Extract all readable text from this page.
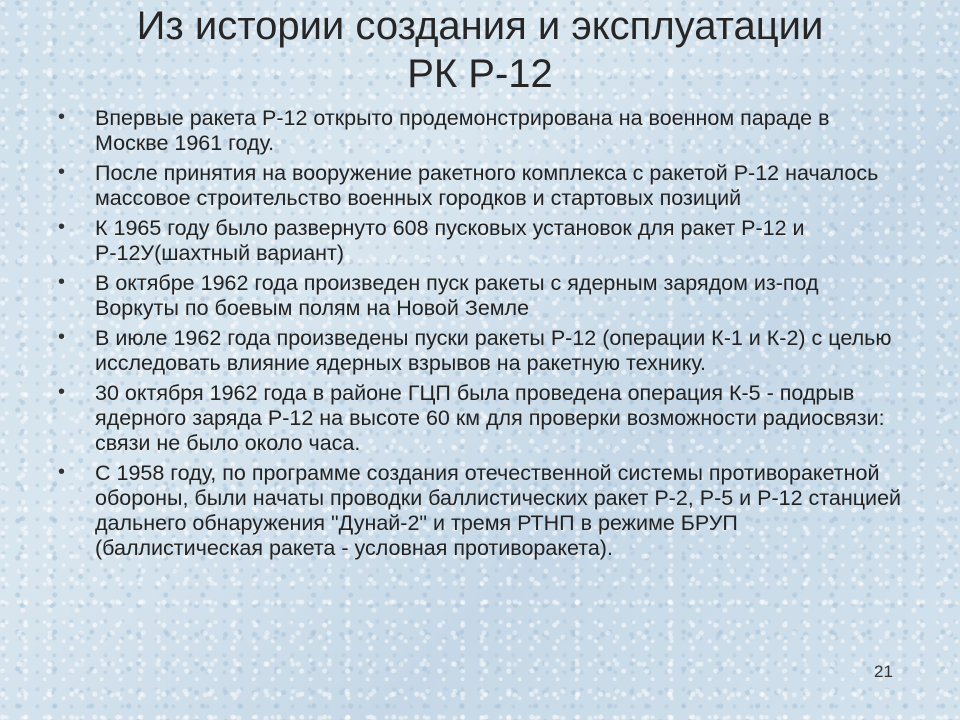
Из истории создания и эксплуатации
РК Р-12
• Впервые ракета Р-12 открыто продемонстрирована на военном параде в Москве 1961 году.
• После принятия на вооружение ракетного комплекса с ракетой Р-12 началось массовое строительство военных городков и стартовых позиций
• К 1965 году было развернуто 608 пусковых установок для ракет Р-12 и Р-12У(шахтный вариант)
• В октябре 1962 года произведен пуск ракеты с ядерным зарядом из-под Воркуты по боевым полям на Новой Земле
• В июле 1962 года произведены пуски ракеты Р-12 (операции К-1 и К-2) с целью исследовать влияние ядерных взрывов на ракетную технику.
• 30 октября 1962 года в районе ГЦП была проведена операция К-5 - подрыв ядерного заряда Р-12 на высоте 60 км для проверки возможности радиосвязи: связи не было около часа.
• С 1958 году, по программе создания отечественной системы противоракетной обороны, были начаты проводки баллистических ракет Р-2, Р-5 и Р-12 станцией дальнего обнаружения "Дунай-2" и тремя РТНП в режиме БРУП (баллистическая ракета - условная противоракета).
21
